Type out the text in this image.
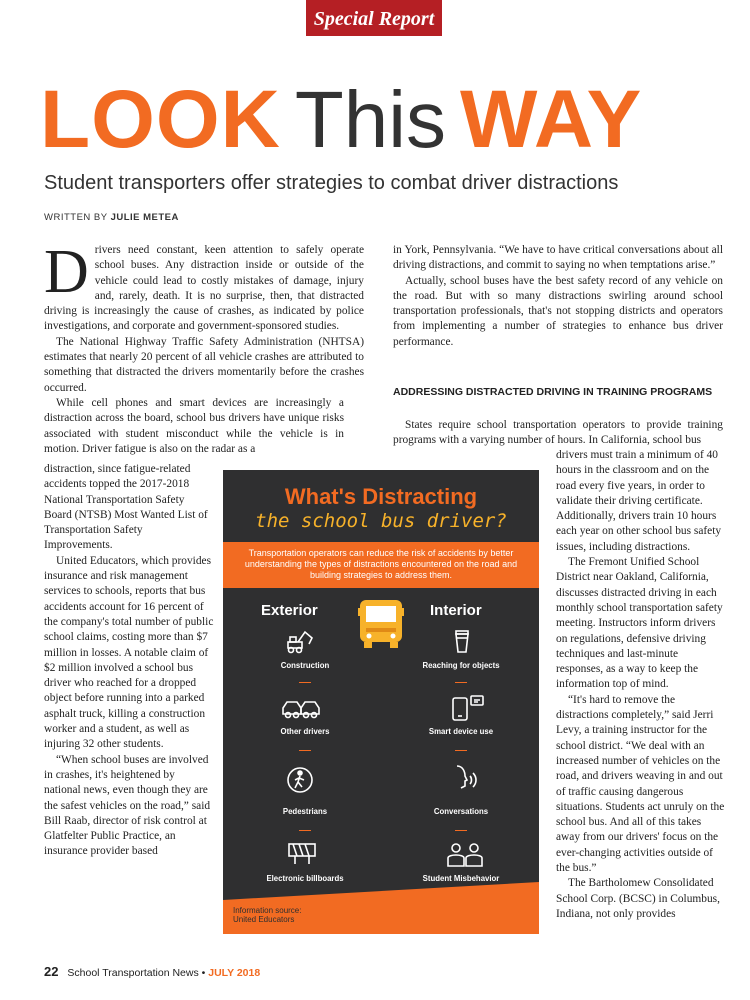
Special Report
LOOK This WAY
Student transporters offer strategies to combat driver distractions
WRITTEN BY JULIE METEA

Drivers need constant, keen attention to safely operate school buses. Any distraction inside or outside of the vehicle could lead to costly mistakes of damage, injury and, rarely, death. It is no surprise, then, that distracted driving is increasingly the cause of crashes, as indicated by police investigations, and corporate and government-sponsored studies.

The National Highway Traffic Safety Administration (NHTSA) estimates that nearly 20 percent of all vehicle crashes are attributed to something that distracted the drivers momentarily before the crashes occurred.

While cell phones and smart devices are increasingly a distraction across the board, school bus drivers have unique risks associated with student misconduct while the vehicle is in motion. Driver fatigue is also on the radar as a

distraction, since fatigue-related accidents topped the 2017-2018 National Transportation Safety Board (NTSB) Most Wanted List of Transportation Safety Improvements.

United Educators, which provides insurance and risk management services to schools, reports that bus accidents account for 16 percent of the company's total number of public school claims, costing more than $7 million in losses. A notable claim of $2 million involved a school bus driver who reached for a dropped object before running into a parked asphalt truck, killing a construction worker and a student, as well as injuring 32 other students.

“When school buses are involved in crashes, it's heightened by national news, even though they are the safest vehicles on the road,” said Bill Raab, director of risk control at Glatfelter Public Practice, an insurance provider based

in York, Pennsylvania. “We have to have critical conversations about all driving distractions, and commit to saying no when temptations arise.”

Actually, school buses have the best safety record of any vehicle on the road. But with so many distractions swirling around school transportation professionals, that's not stopping districts and operators from implementing a number of strategies to enhance bus driver performance.

ADDRESSING DISTRACTED DRIVING IN TRAINING PROGRAMS

States require school transportation operators to provide training programs with a varying number of hours. In California, school bus

drivers must train a minimum of 40 hours in the classroom and on the road every five years, in order to validate their driving certificate. Additionally, drivers train 10 hours each year on other school bus safety issues, including distractions.

The Fremont Unified School District near Oakland, California, discusses distracted driving in each monthly school transportation safety meeting. Instructors inform drivers on regulations, defensive driving techniques and last-minute responses, as a way to keep the information top of mind.

“It's hard to remove the distractions completely,” said Jerri Levy, a training instructor for the school district. “We deal with an increased number of vehicles on the road, and drivers weaving in and out of traffic causing dangerous situations. Students act unruly on the school bus. And all of this takes away from our drivers' focus on the ever-changing activities outside of the bus.”

The Bartholomew Consolidated School Corp. (BCSC) in Columbus, Indiana, not only provides

What's Distracting
the school bus driver?
Transportation operators can reduce the risk of accidents by better understanding the types of distractions encountered on the road and building strategies to address them.
Exterior	Interior
Construction
Other drivers
Pedestrians
Electronic billboards
Reaching for objects
Smart device use
Conversations
Student Misbehavior
Information source:
United Educators
22 School Transportation News • JULY 2018
